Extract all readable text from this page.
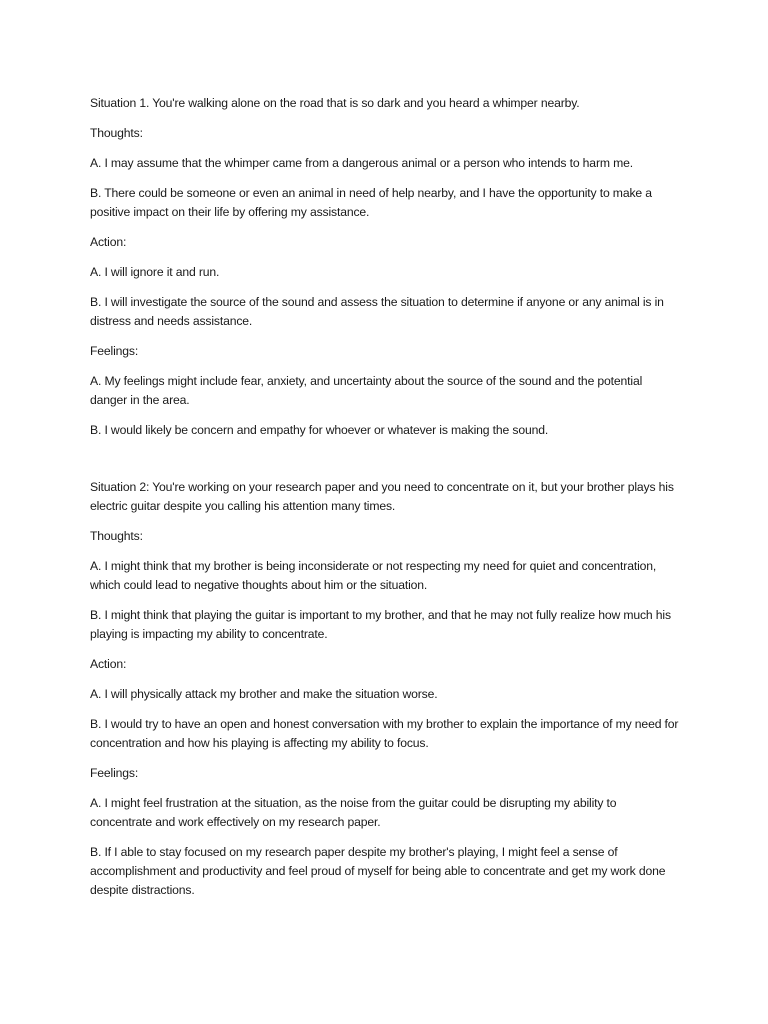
Situation 1. You're walking alone on the road that is so dark and you heard a whimper nearby.

Thoughts:

A. I may assume that the whimper came from a dangerous animal or a person who intends to harm me.

B. There could be someone or even an animal in need of help nearby, and I have the opportunity to make a positive impact on their life by offering my assistance.

Action:

A. I will ignore it and run.

B. I will investigate the source of the sound and assess the situation to determine if anyone or any animal is in distress and needs assistance.

Feelings:

A. My feelings might include fear, anxiety, and uncertainty about the source of the sound and the potential danger in the area.

B. I would likely be concern and empathy for whoever or whatever is making the sound.

Situation 2: You're working on your research paper and you need to concentrate on it, but your brother plays his electric guitar despite you calling his attention many times.

Thoughts:

A. I might think that my brother is being inconsiderate or not respecting my need for quiet and concentration, which could lead to negative thoughts about him or the situation.

B. I might think that playing the guitar is important to my brother, and that he may not fully realize how much his playing is impacting my ability to concentrate.

Action:

A. I will physically attack my brother and make the situation worse.

B. I would try to have an open and honest conversation with my brother to explain the importance of my need for concentration and how his playing is affecting my ability to focus.

Feelings:

A. I might feel frustration at the situation, as the noise from the guitar could be disrupting my ability to concentrate and work effectively on my research paper.

B. If I able to stay focused on my research paper despite my brother's playing, I might feel a sense of accomplishment and productivity and feel proud of myself for being able to concentrate and get my work done despite distractions.
